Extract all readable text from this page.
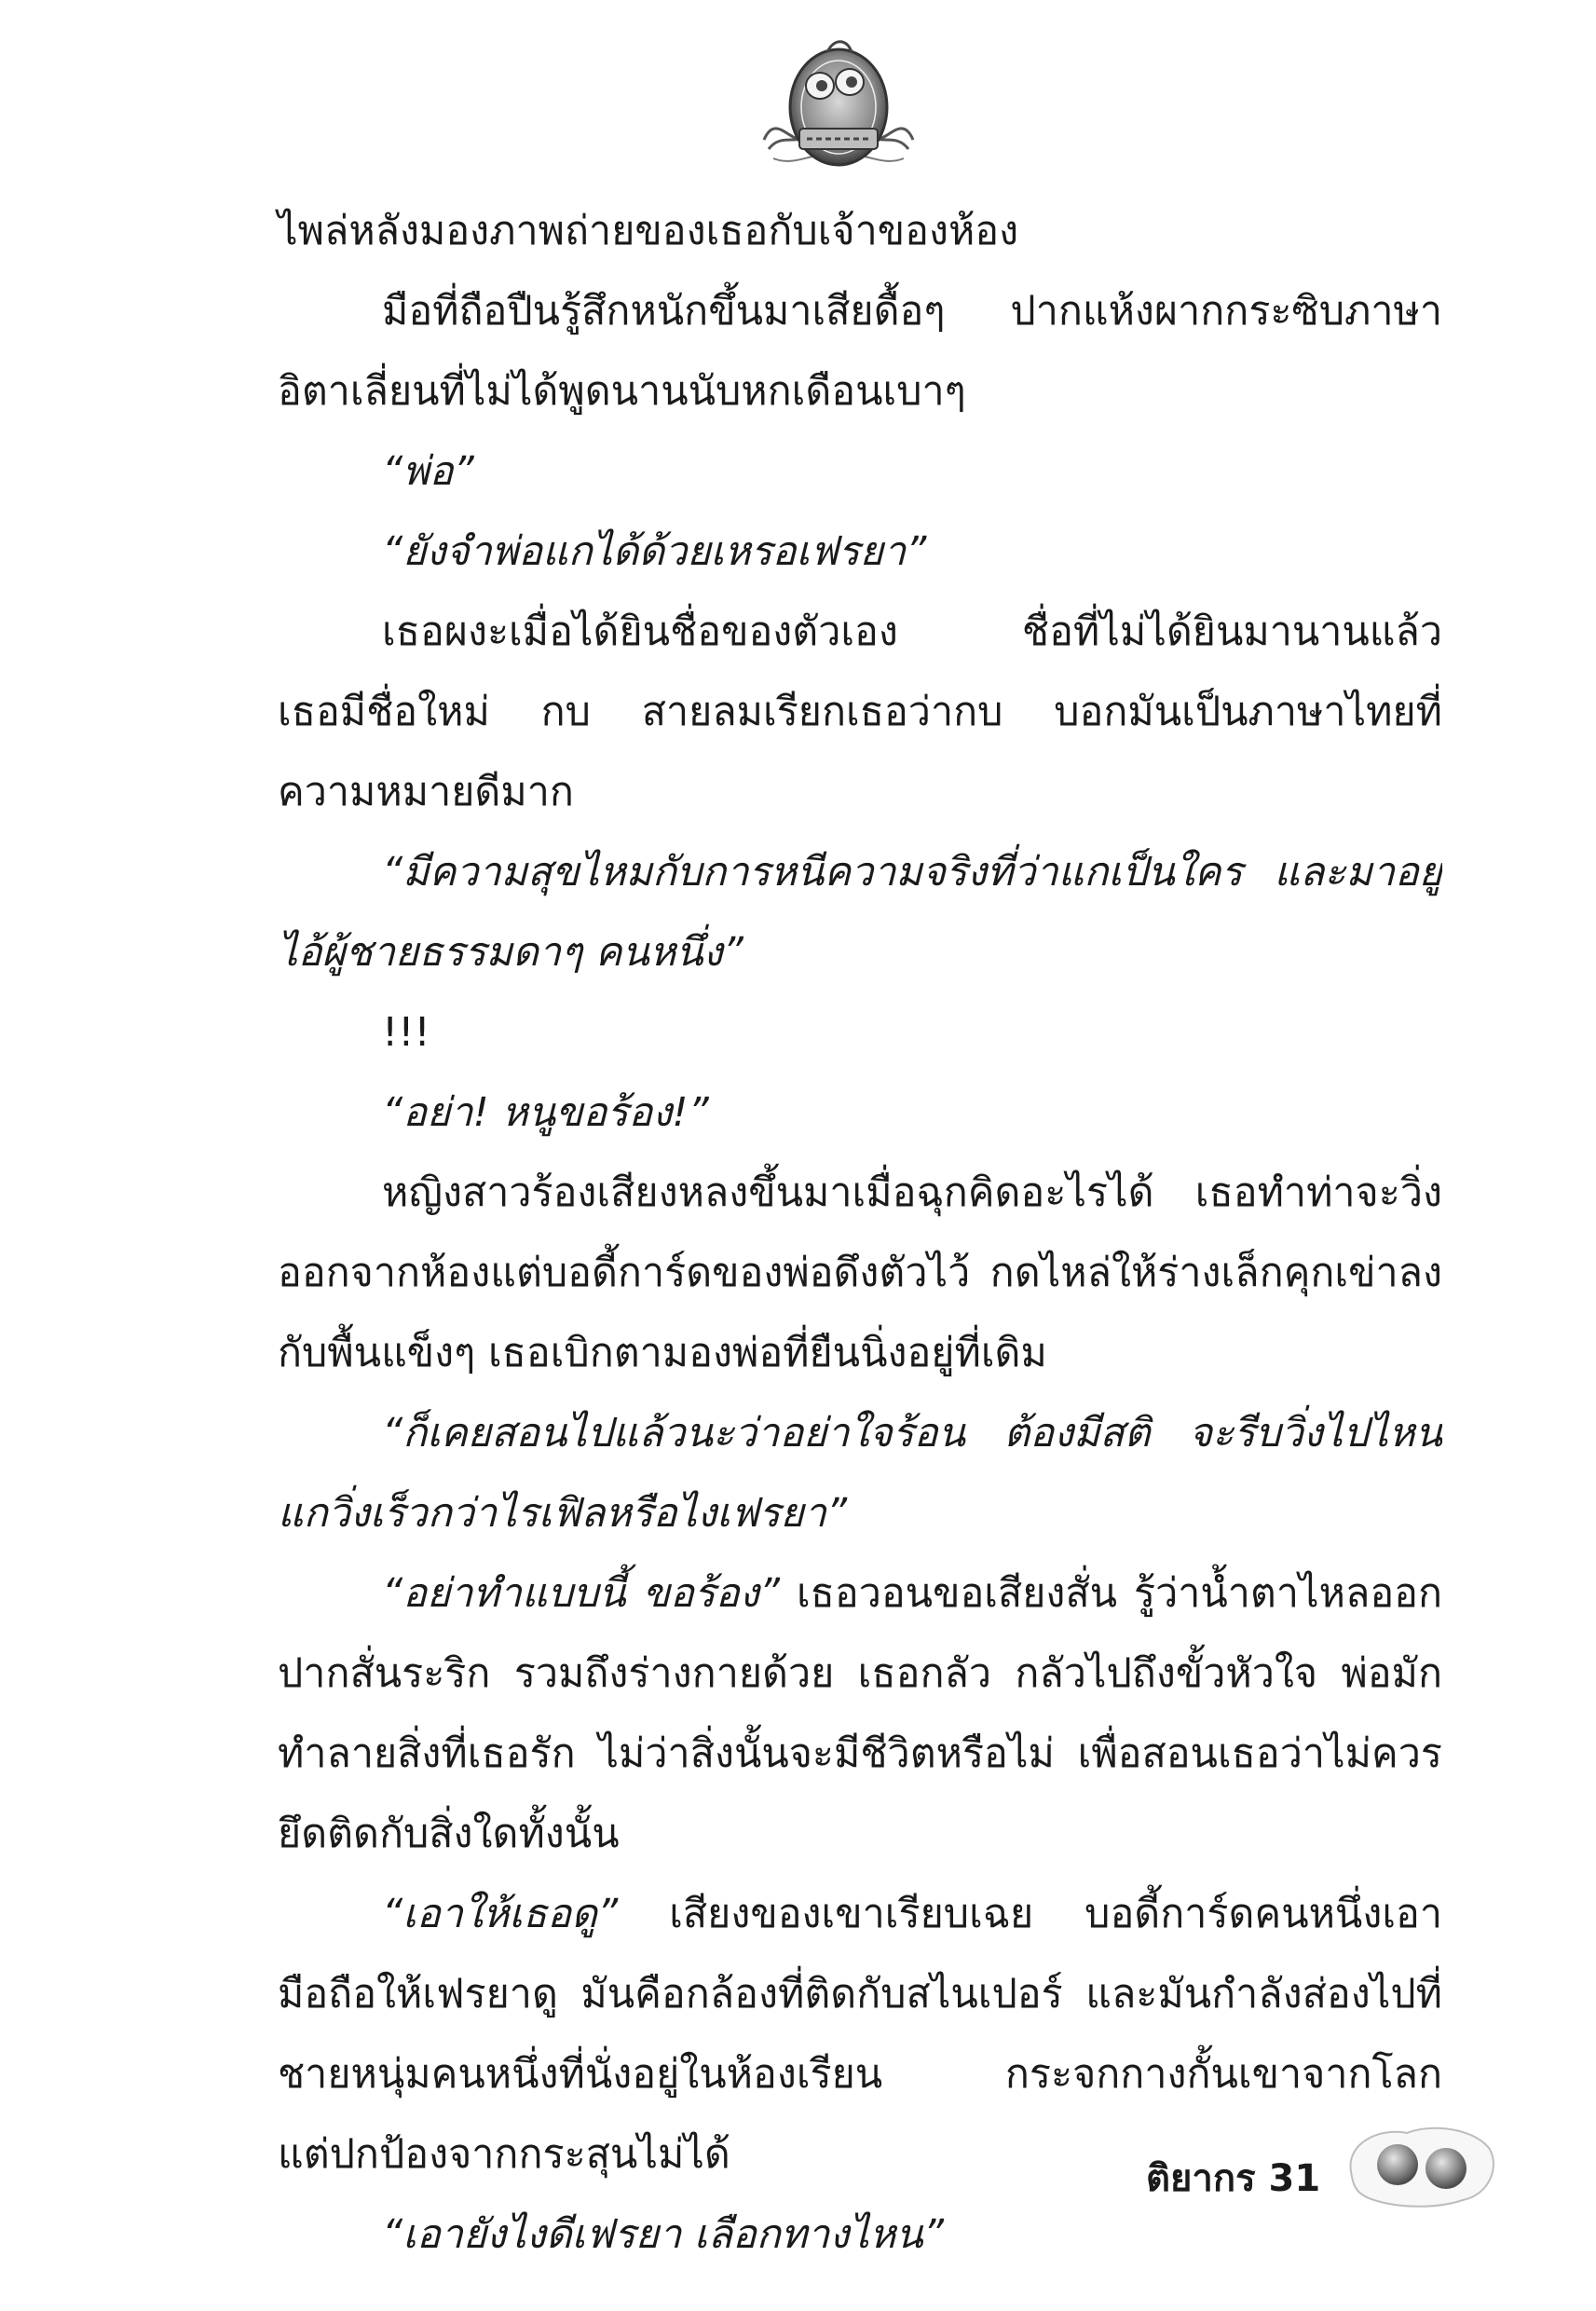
ไพล่หลังมองภาพถ่ายของเธอกับเจ้าของห้อง
มือที่ถือปืนรู้สึกหนักขึ้นมาเสียดื้อๆ ปากแห้งผากกระซิบภาษา
อิตาเลี่ยนที่ไม่ได้พูดนานนับหกเดือนเบาๆ
“พ่อ”
“ยังจำพ่อแกได้ด้วยเหรอเฟรยา”
เธอผงะเมื่อได้ยินชื่อของตัวเอง ชื่อที่ไม่ได้ยินมานานแล้ว
เธอมีชื่อใหม่ กบ สายลมเรียกเธอว่ากบ บอกมันเป็นภาษาไทยที่
ความหมายดีมาก
“มีความสุขไหมกับการหนีความจริงที่ว่าแกเป็นใคร และมาอยู่
ไอ้ผู้ชายธรรมดาๆ คนหนึ่ง”
!!!
“อย่า! หนูขอร้อง!”
หญิงสาวร้องเสียงหลงขึ้นมาเมื่อฉุกคิดอะไรได้ เธอทำท่าจะวิ่ง
ออกจากห้องแต่บอดี้การ์ดของพ่อดึงตัวไว้ กดไหล่ให้ร่างเล็กคุกเข่าลง
กับพื้นแข็งๆ เธอเบิกตามองพ่อที่ยืนนิ่งอยู่ที่เดิม
“ก็เคยสอนไปแล้วนะว่าอย่าใจร้อน ต้องมีสติ จะรีบวิ่งไปไหน
แกวิ่งเร็วกว่าไรเฟิลหรือไงเฟรยา”
“อย่าทำแบบนี้ ขอร้อง” เธอวอนขอเสียงสั่น รู้ว่าน้ำตาไหลออก
ปากสั่นระริก รวมถึงร่างกายด้วย เธอกลัว กลัวไปถึงขั้วหัวใจ พ่อมัก
ทำลายสิ่งที่เธอรัก ไม่ว่าสิ่งนั้นจะมีชีวิตหรือไม่ เพื่อสอนเธอว่าไม่ควร
ยึดติดกับสิ่งใดทั้งนั้น
“เอาให้เธอดู” เสียงของเขาเรียบเฉย บอดี้การ์ดคนหนึ่งเอา
มือถือให้เฟรยาดู มันคือกล้องที่ติดกับสไนเปอร์ และมันกำลังส่องไปที่
ชายหนุ่มคนหนึ่งที่นั่งอยู่ในห้องเรียน กระจกกางกั้นเขาจากโลก
แต่ปกป้องจากกระสุนไม่ได้
“เอายังไงดีเฟรยา เลือกทางไหน”
ติยากร 31
